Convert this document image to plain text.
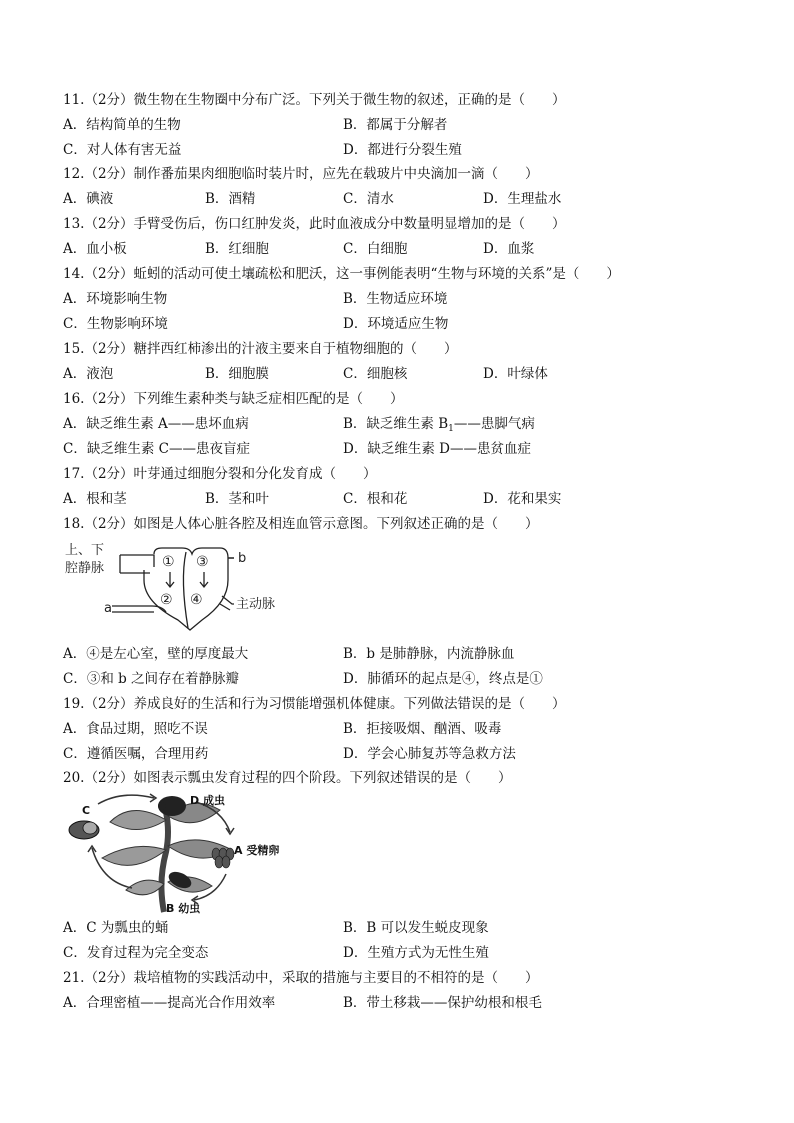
11.（2分）微生物在生物圈中分布广泛。下列关于微生物的叙述，正确的是（　　）
A．结构简单的生物	B．都属于分解者
C．对人体有害无益	D．都进行分裂生殖
12.（2分）制作番茄果肉细胞临时装片时，应先在载玻片中央滴加一滴（　　）
A．碘液	B．酒精	C．清水	D．生理盐水
13.（2分）手臂受伤后，伤口红肿发炎，此时血液成分中数量明显增加的是（　　）
A．血小板	B．红细胞	C．白细胞	D．血浆
14.（2分）蚯蚓的活动可使土壤疏松和肥沃，这一事例能表明“生物与环境的关系”是（　　）
A．环境影响生物	B．生物适应环境
C．生物影响环境	D．环境适应生物
15.（2分）糖拌西红柿渗出的汁液主要来自于植物细胞的（　　）
A．液泡	B．细胞膜	C．细胞核	D．叶绿体
16.（2分）下列维生素种类与缺乏症相匹配的是（　　）
A．缺乏维生素 A——患坏血病	B．缺乏维生素 $B_1——$患脚气病
C．缺乏维生素 C——患夜盲症	D．缺乏维生素 D——患贫血症
17.（2分）叶芽通过细胞分裂和分化发育成（　　）
A．根和茎	B．茎和叶	C．根和花	D．花和果实
18.（2分）如图是人体心脏各腔及相连血管示意图。下列叙述正确的是（　　）
上、下
腔静脉
a
b
主动脉
①
②
③
④
A．④是左心室，壁的厚度最大	B．b 是肺静脉，内流静脉血
C．③和 b 之间存在着静脉瓣	D．肺循环的起点是④，终点是①
19.（2分）养成良好的生活和行为习惯能增强机体健康。下列做法错误的是（　　）
A．食品过期，照吃不误	B．拒接吸烟、酗酒、吸毒
C．遵循医嘱，合理用药	D．学会心肺复苏等急救方法
20.（2分）如图表示瓢虫发育过程的四个阶段。下列叙述错误的是（　　）
C
D 成虫
A 受精卵
B 幼虫
A．C 为瓢虫的蛹	B．B 可以发生蜕皮现象
C．发育过程为完全变态	D．生殖方式为无性生殖
21.（2分）栽培植物的实践活动中，采取的措施与主要目的不相符的是（　　）
A．合理密植——提高光合作用效率	B．带土移栽——保护幼根和根毛
